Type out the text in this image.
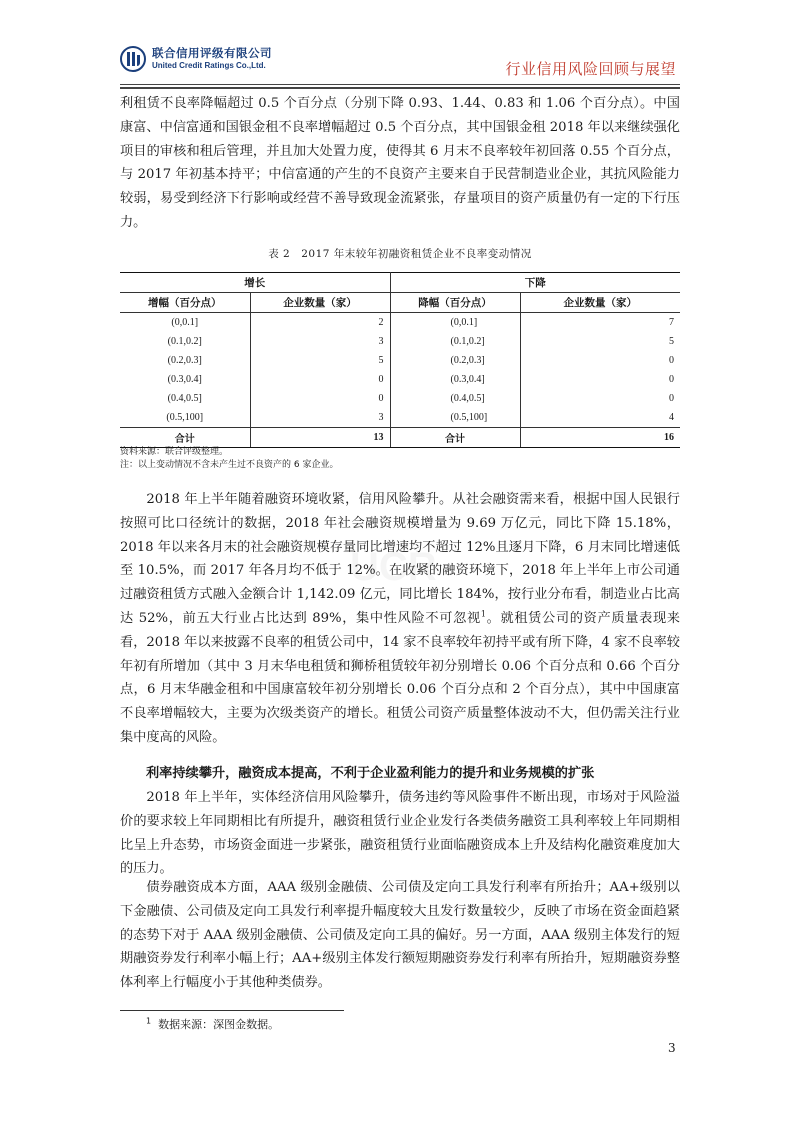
联合信用评级有限公司
United Credit Ratings Co.,Ltd.	行业信用风险回顾与展望

利租赁不良率降幅超过 0.5 个百分点（分别下降 0.93、1.44、0.83 和 1.06 个百分点）。中国康富、中信富通和国银金租不良率增幅超过 0.5 个百分点，其中国银金租 2018 年以来继续强化项目的审核和租后管理，并且加大处置力度，使得其 6 月末不良率较年初回落 0.55 个百分点，与 2017 年初基本持平；中信富通的产生的不良资产主要来自于民营制造业企业，其抗风险能力较弱，易受到经济下行影响或经营不善导致现金流紧张，存量项目的资产质量仍有一定的下行压力。

表 2　2017 年末较年初融资租赁企业不良率变动情况
增长		下降	
增幅（百分点）	企业数量（家）	降幅（百分点）	企业数量（家）
(0,0.1]	2	(0,0.1]	7
(0.1,0.2]	3	(0.1,0.2]	5
(0.2,0.3]	5	(0.2,0.3]	0
(0.3,0.4]	0	(0.3,0.4]	0
(0.4,0.5]	0	(0.4,0.5]	0
(0.5,100]	3	(0.5,100]	4
合计	13	合计	16
资料来源：联合评级整理。
注：以上变动情况不含未产生过不良资产的 6 家企业。

2018 年上半年随着融资环境收紧，信用风险攀升。从社会融资需来看，根据中国人民银行按照可比口径统计的数据，2018 年社会融资规模增量为 9.69 万亿元，同比下降 15.18%，2018 年以来各月末的社会融资规模存量同比增速均不超过 12%且逐月下降，6 月末同比增速低至 10.5%，而 2017 年各月均不低于 12%。在收紧的融资环境下，2018 年上半年上市公司通过融资租赁方式融入金额合计 1,142.09 亿元，同比增长 184%，按行业分布看，制造业占比高达 52%，前五大行业占比达到 89%，集中性风险不可忽视$^1$。就租赁公司的资产质量表现来看，2018 年以来披露不良率的租赁公司中，14 家不良率较年初持平或有所下降，4 家不良率较年初有所增加（其中 3 月末华电租赁和狮桥租赁较年初分别增长 0.06 个百分点和 0.66 个百分点，6 月末华融金租和中国康富较年初分别增长 0.06 个百分点和 2 个百分点），其中中国康富不良率增幅较大，主要为次级类资产的增长。租赁公司资产质量整体波动不大，但仍需关注行业集中度高的风险。

利率持续攀升，融资成本提高，不利于企业盈利能力的提升和业务规模的扩张

2018 年上半年，实体经济信用风险攀升，债务违约等风险事件不断出现，市场对于风险溢价的要求较上年同期相比有所提升，融资租赁行业企业发行各类债务融资工具利率较上年同期相比呈上升态势，市场资金面进一步紧张，融资租赁行业面临融资成本上升及结构化融资难度加大的压力。

债券融资成本方面，AAA 级别金融债、公司债及定向工具发行利率有所抬升；AA+级别以下金融债、公司债及定向工具发行利率提升幅度较大且发行数量较少，反映了市场在资金面趋紧的态势下对于 AAA 级别金融债、公司债及定向工具的偏好。另一方面，AAA 级别主体发行的短期融资券发行利率小幅上行；AA+级别主体发行额短期融资券发行利率有所抬升，短期融资券整体利率上行幅度小于其他种类债券。

$^1$ 数据来源：深图金数据。
3
